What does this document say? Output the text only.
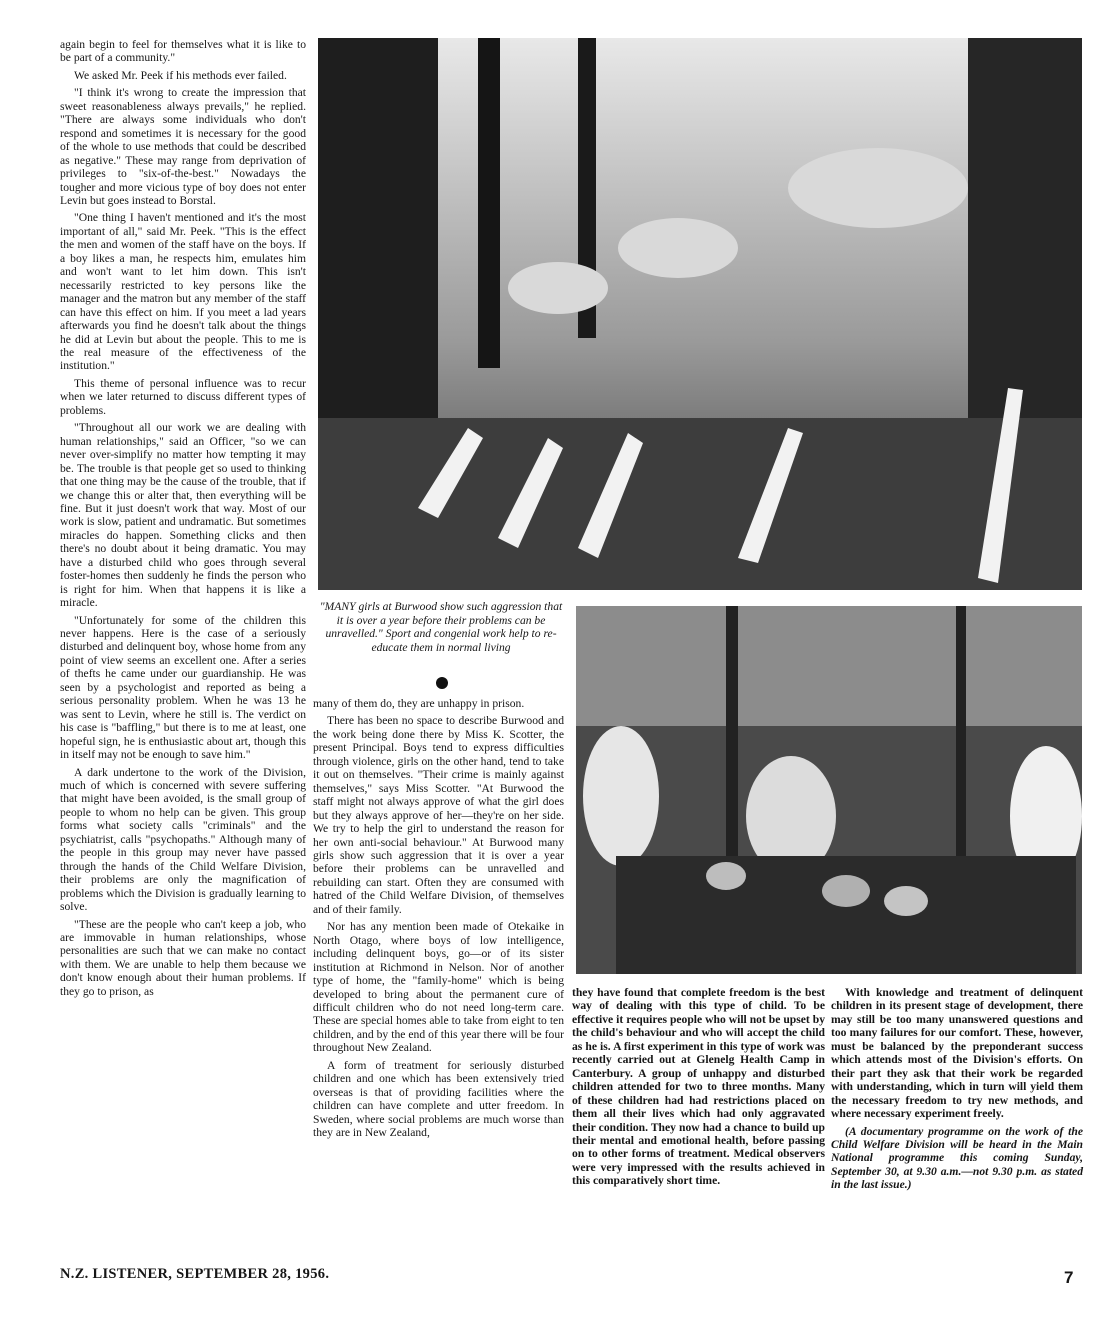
again begin to feel for themselves what it is like to be part of a community."

We asked Mr. Peek if his methods ever failed.

"I think it's wrong to create the impression that sweet reasonableness always prevails," he replied. "There are always some individuals who don't respond and sometimes it is necessary for the good of the whole to use methods that could be described as negative." These may range from deprivation of privileges to "six-of-the-best." Nowadays the tougher and more vicious type of boy does not enter Levin but goes instead to Borstal.

"One thing I haven't mentioned and it's the most important of all," said Mr. Peek. "This is the effect the men and women of the staff have on the boys. If a boy likes a man, he respects him, emulates him and won't want to let him down. This isn't necessarily restricted to key persons like the manager and the matron but any member of the staff can have this effect on him. If you meet a lad years afterwards you find he doesn't talk about the things he did at Levin but about the people. This to me is the real measure of the effectiveness of the institution."

This theme of personal influence was to recur when we later returned to discuss different types of problems.

"Throughout all our work we are dealing with human relationships," said an Officer, "so we can never over-simplify no matter how tempting it may be. The trouble is that people get so used to thinking that one thing may be the cause of the trouble, that if we change this or alter that, then everything will be fine. But it just doesn't work that way. Most of our work is slow, patient and undramatic. But sometimes miracles do happen. Something clicks and then there's no doubt about it being dramatic. You may have a disturbed child who goes through several foster-homes then suddenly he finds the person who is right for him. When that happens it is like a miracle.

"Unfortunately for some of the children this never happens. Here is the case of a seriously disturbed and delinquent boy, whose home from any point of view seems an excellent one. After a series of thefts he came under our guardianship. He was seen by a psychologist and reported as being a serious personality problem. When he was 13 he was sent to Levin, where he still is. The verdict on his case is "baffling," but there is to me at least, one hopeful sign, he is enthusiastic about art, though this in itself may not be enough to save him."

A dark undertone to the work of the Division, much of which is concerned with severe suffering that might have been avoided, is the small group of people to whom no help can be given. This group forms what society calls "criminals" and the psychiatrist, calls "psychopaths." Although many of the people in this group may never have passed through the hands of the Child Welfare Division, their problems are only the magnification of problems which the Division is gradually learning to solve.

"These are the people who can't keep a job, who are immovable in human relationships, whose personalities are such that we can make no contact with them. We are unable to help them because we don't know enough about their human problems. If they go to prison, as

"MANY girls at Burwood show such aggression that it is over a year before their problems can be unravelled." Sport and congenial work help to re-educate them in normal living

many of them do, they are unhappy in prison.

There has been no space to describe Burwood and the work being done there by Miss K. Scotter, the present Principal. Boys tend to express difficulties through violence, girls on the other hand, tend to take it out on themselves. "Their crime is mainly against themselves," says Miss Scotter. "At Burwood the staff might not always approve of what the girl does but they always approve of her—they're on her side. We try to help the girl to understand the reason for her own anti-social behaviour." At Burwood many girls show such aggression that it is over a year before their problems can be unravelled and rebuilding can start. Often they are consumed with hatred of the Child Welfare Division, of themselves and of their family.

Nor has any mention been made of Otekaike in North Otago, where boys of low intelligence, including delinquent boys, go—or of its sister institution at Richmond in Nelson. Nor of another type of home, the "family-home" which is being developed to bring about the permanent cure of difficult children who do not need long-term care. These are special homes able to take from eight to ten children, and by the end of this year there will be four throughout New Zealand.

A form of treatment for seriously disturbed children and one which has been extensively tried overseas is that of providing facilities where the children can have complete and utter freedom. In Sweden, where social problems are much worse than they are in New Zealand,

they have found that complete freedom is the best way of dealing with this type of child. To be effective it requires people who will not be upset by the child's behaviour and who will accept the child as he is. A first experiment in this type of work was recently carried out at Glenelg Health Camp in Canterbury. A group of unhappy and disturbed children attended for two to three months. Many of these children had had restrictions placed on them all their lives which had only aggravated their condition. They now had a chance to build up their mental and emotional health, before passing on to other forms of treatment. Medical observers were very impressed with the results achieved in this comparatively short time.

With knowledge and treatment of delinquent children in its present stage of development, there may still be too many unanswered questions and too many failures for our comfort. These, however, must be balanced by the preponderant success which attends most of the Division's efforts. On their part they ask that their work be regarded with understanding, which in turn will yield them the necessary freedom to try new methods, and where necessary experiment freely.

(A documentary programme on the work of the Child Welfare Division will be heard in the Main National programme this coming Sunday, September 30, at 9.30 a.m.—not 9.30 p.m. as stated in the last issue.)

N.Z. LISTENER, SEPTEMBER 28, 1956.	7
